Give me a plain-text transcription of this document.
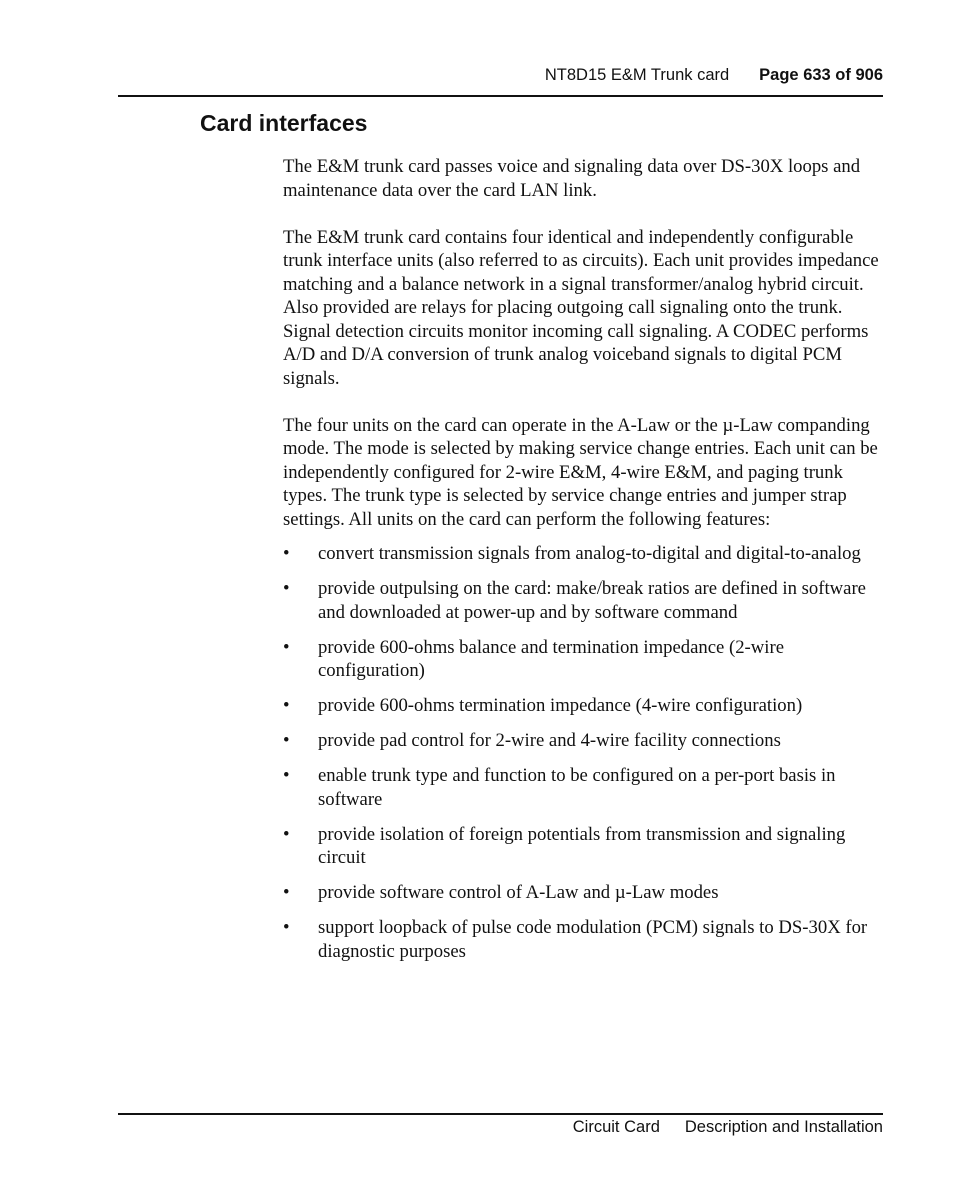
NT8D15 E&M Trunk card Page 633 of 906
Card interfaces

The E&M trunk card passes voice and signaling data over DS-30X loops and maintenance data over the card LAN link.

The E&M trunk card contains four identical and independently configurable trunk interface units (also referred to as circuits). Each unit provides impedance matching and a balance network in a signal transformer/analog hybrid circuit. Also provided are relays for placing outgoing call signaling onto the trunk. Signal detection circuits monitor incoming call signaling. A CODEC performs A/D and D/A conversion of trunk analog voiceband signals to digital PCM signals.

The four units on the card can operate in the A-Law or the µ-Law companding mode. The mode is selected by making service change entries. Each unit can be independently configured for 2-wire E&M, 4-wire E&M, and paging trunk types. The trunk type is selected by service change entries and jumper strap settings. All units on the card can perform the following features:

• convert transmission signals from analog-to-digital and digital-to-analog
• provide outpulsing on the card: make/break ratios are defined in software and downloaded at power-up and by software command
• provide 600-ohms balance and termination impedance (2-wire configuration)
• provide 600-ohms termination impedance (4-wire configuration)
• provide pad control for 2-wire and 4-wire facility connections
• enable trunk type and function to be configured on a per-port basis in software
• provide isolation of foreign potentials from transmission and signaling circuit
• provide software control of A-Law and µ-Law modes
• support loopback of pulse code modulation (PCM) signals to DS-30X for diagnostic purposes
Circuit Card Description and Installation
